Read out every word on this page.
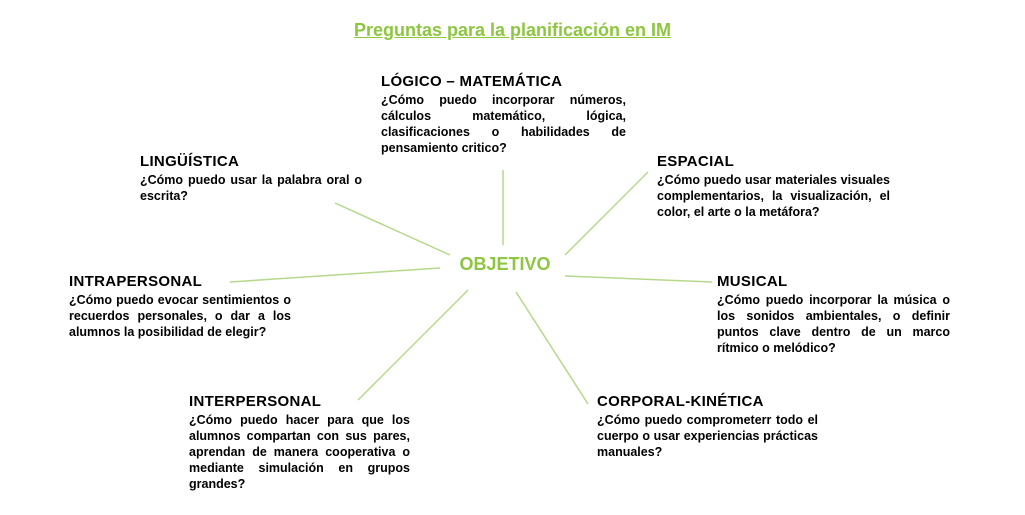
Preguntas para la planificación en IM
OBJETIVO
LÓGICO – MATEMÁTICA
¿Cómo puedo incorporar números, cálculos matemático, lógica, clasificaciones o habilidades de pensamiento critico?
LINGÜÍSTICA
¿Cómo puedo usar la palabra oral o escrita?
ESPACIAL
¿Cómo puedo usar materiales visuales complementarios, la visualización, el color, el arte o la metáfora?
INTRAPERSONAL
¿Cómo puedo evocar sentimientos o recuerdos personales, o dar a los alumnos la posibilidad de elegir?
MUSICAL
¿Cómo puedo incorporar la música o los sonidos ambientales, o definir puntos clave dentro de un marco rítmico o melódico?
INTERPERSONAL
¿Cómo puedo hacer para que los alumnos compartan con sus pares, aprendan de manera cooperativa o mediante simulación en grupos grandes?
CORPORAL-KINÉTICA
¿Cómo puedo comprometerr todo el cuerpo o usar experiencias prácticas manuales?
